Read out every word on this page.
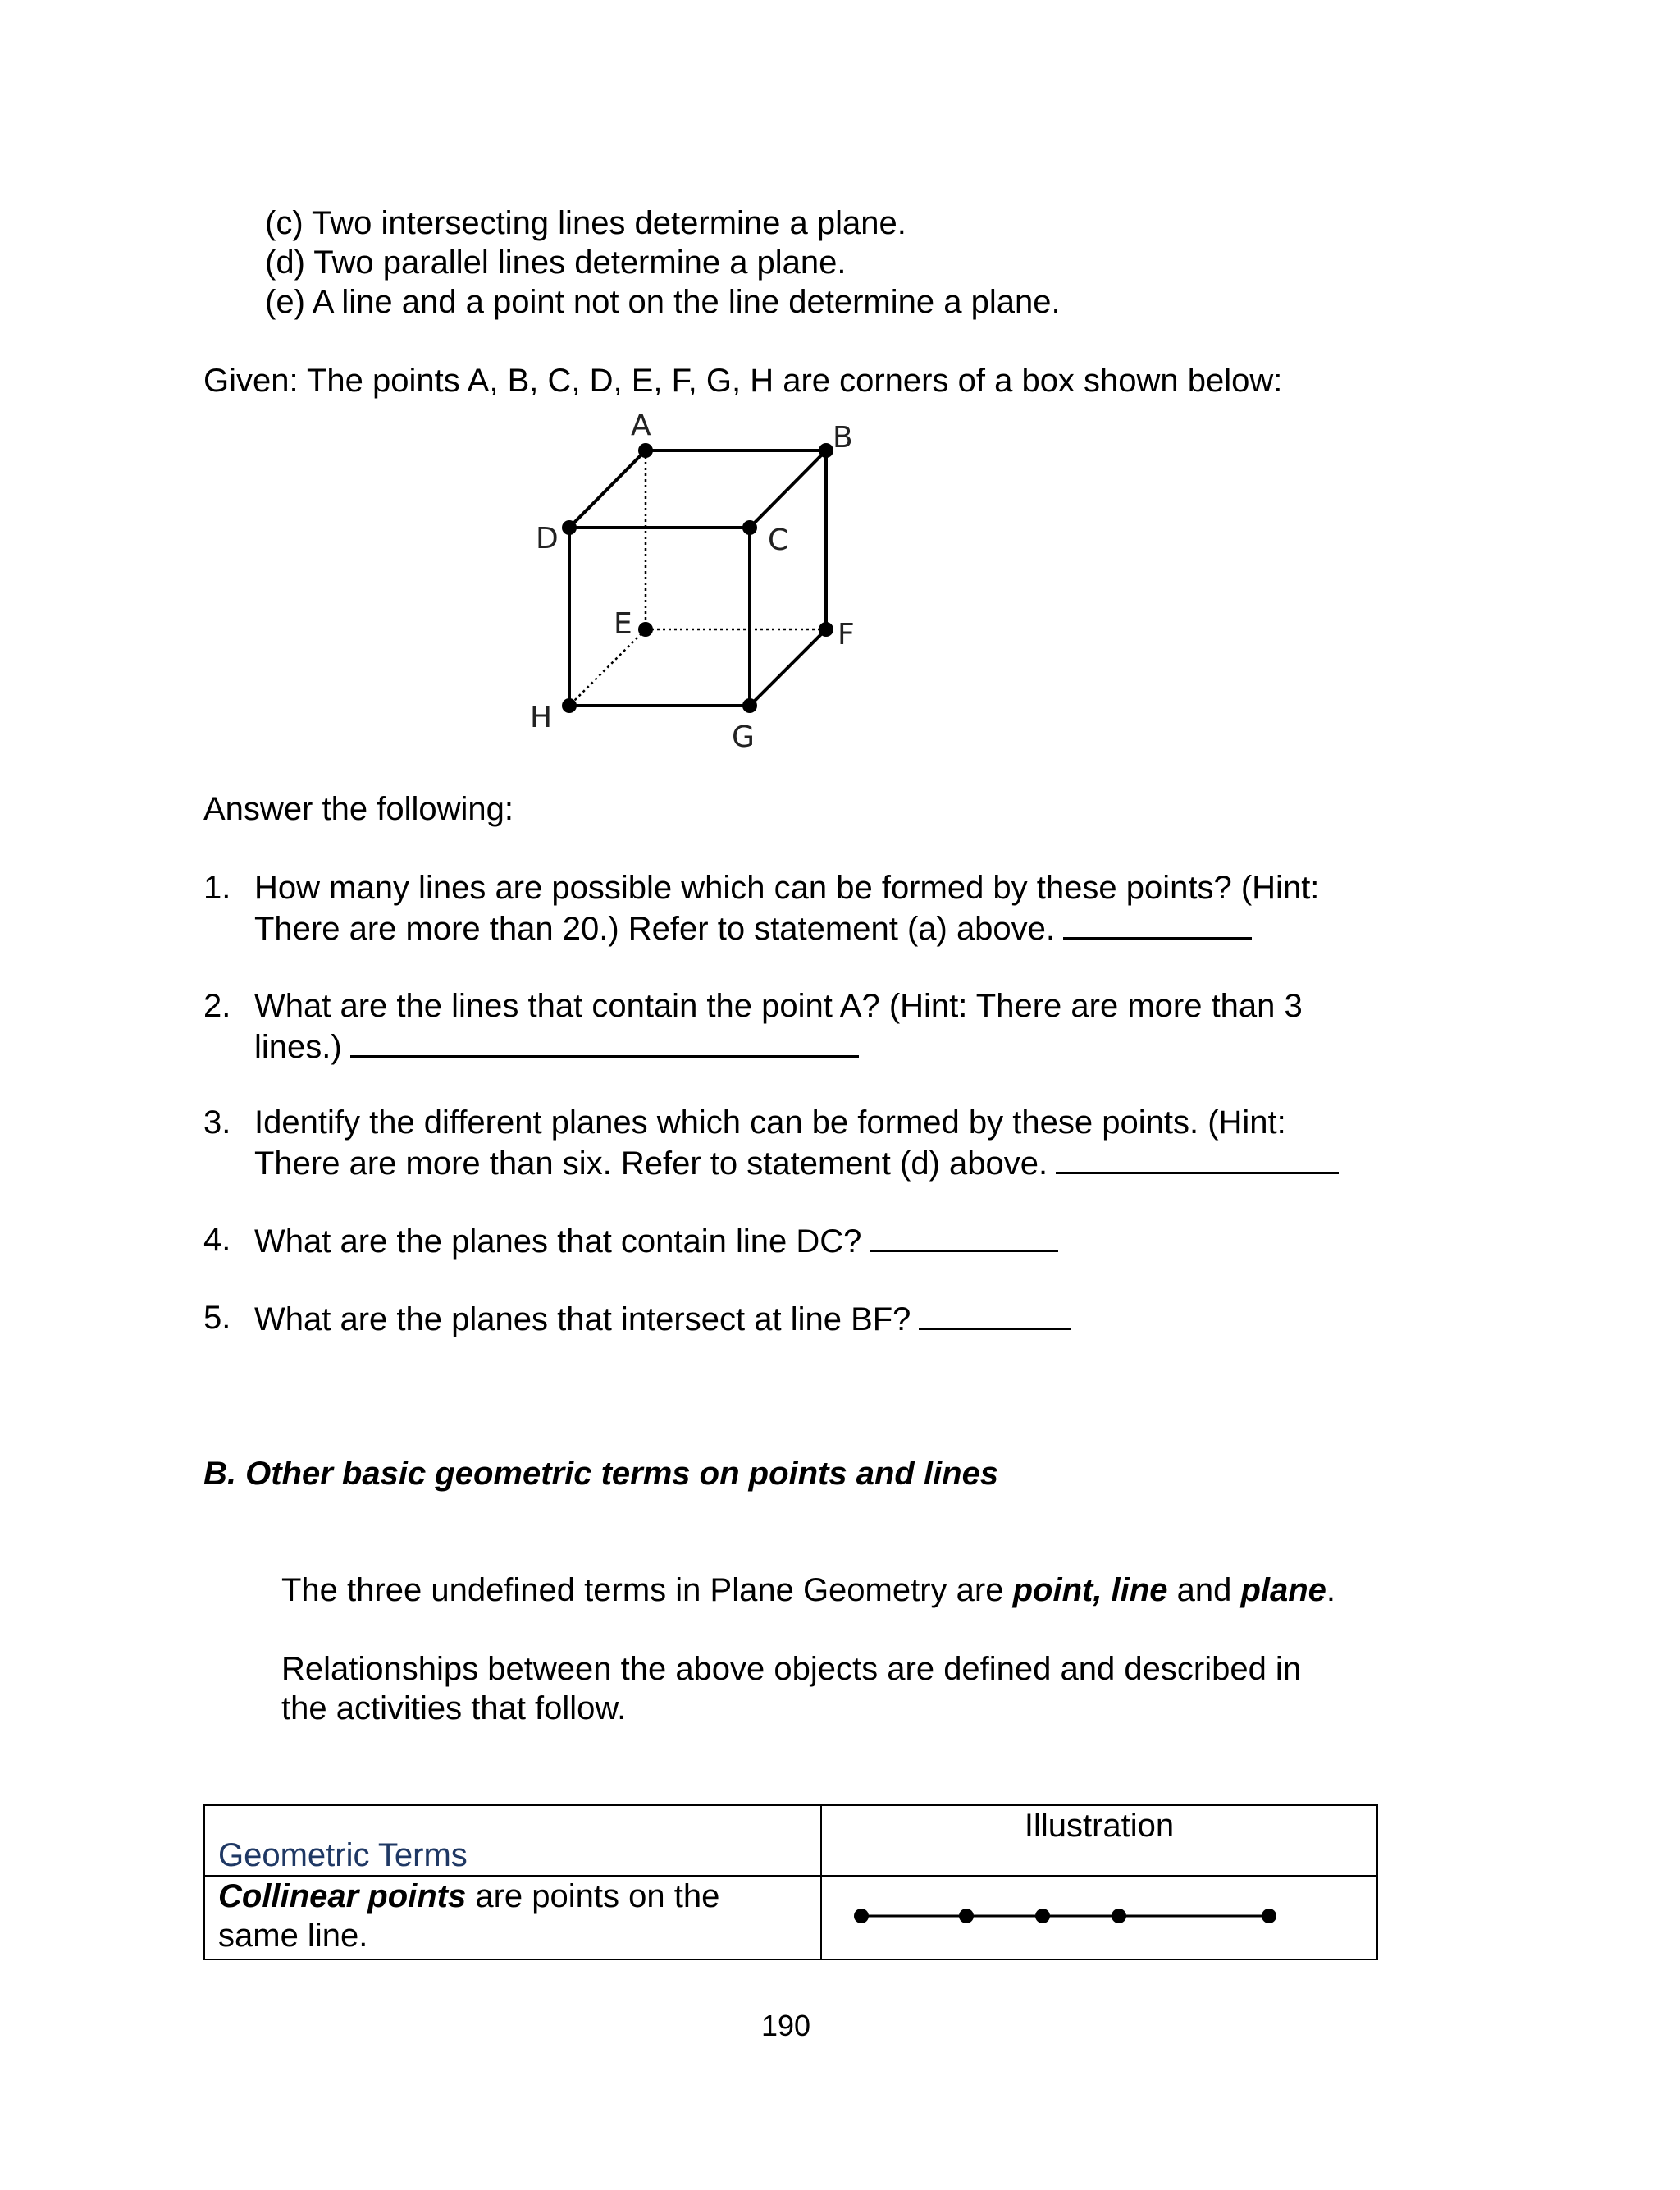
(c) Two intersecting lines determine a plane.
(d) Two parallel lines determine a plane.
(e) A line and a point not on the line determine a plane.
Given: The points A, B, C, D, E, F, G, H are corners of a box shown below:
A	B
C
D
E	F
G
H
Answer the following:
1. How many lines are possible which can be formed by these points? (Hint:
There are more than 20.) Refer to statement (a) above.
2. What are the lines that contain the point A? (Hint: There are more than 3
lines.)
3. Identify the different planes which can be formed by these points. (Hint:
There are more than six. Refer to statement (d) above.
4. What are the planes that contain line DC?
5. What are the planes that intersect at line BF?
B. Other basic geometric terms on points and lines
The three undefined terms in Plane Geometry are point, line and plane.
Relationships between the above objects are defined and described in
the activities that follow.
Geometric Terms	Illustration
Collinear points are points on the
same line.	
190
